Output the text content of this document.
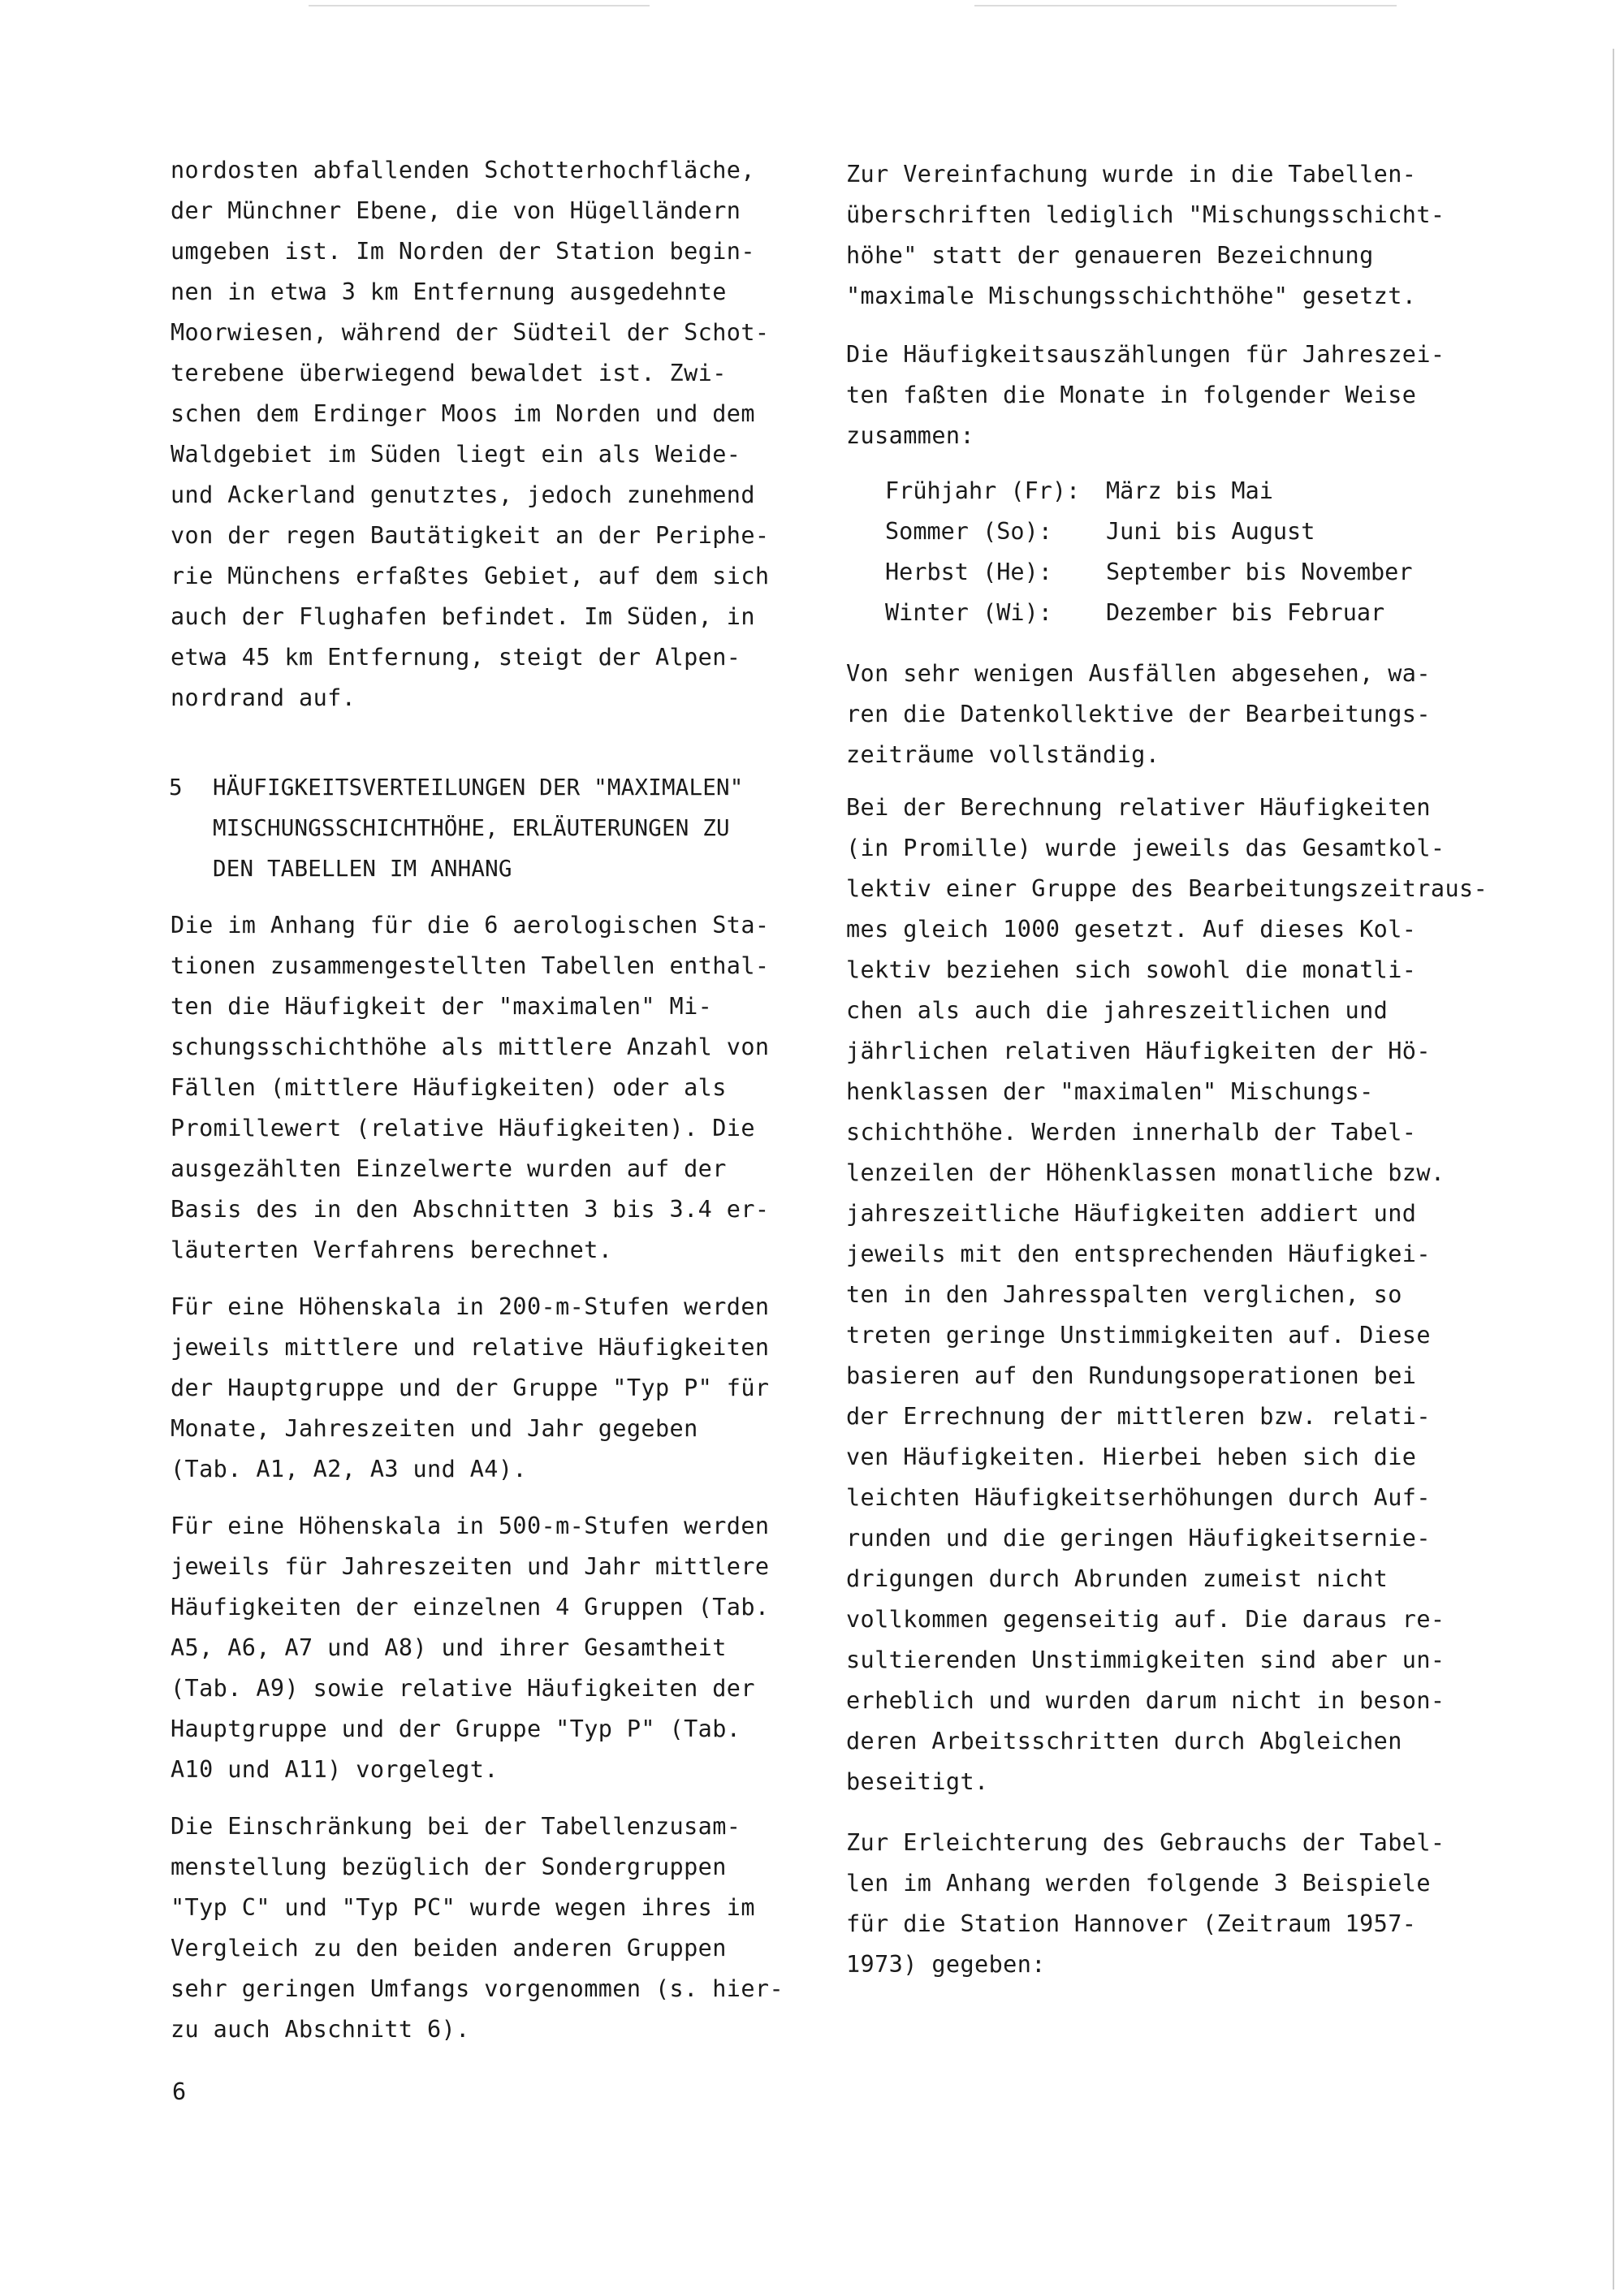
nordosten abfallenden Schotterhochfläche,
der Münchner Ebene, die von Hügelländern
umgeben ist. Im Norden der Station begin-
nen in etwa 3 km Entfernung ausgedehnte
Moorwiesen, während der Südteil der Schot-
terebene überwiegend bewaldet ist. Zwi-
schen dem Erdinger Moos im Norden und dem
Waldgebiet im Süden liegt ein als Weide-
und Ackerland genutztes, jedoch zunehmend
von der regen Bautätigkeit an der Periphe-
rie Münchens erfaßtes Gebiet, auf dem sich
auch der Flughafen befindet. Im Süden, in
etwa 45 km Entfernung, steigt der Alpen-
nordrand auf.
5 HÄUFIGKEITSVERTEILUNGEN DER "MAXIMALEN"
MISCHUNGSSCHICHTHÖHE, ERLÄUTERUNGEN ZU
DEN TABELLEN IM ANHANG
Die im Anhang für die 6 aerologischen Sta-
tionen zusammengestellten Tabellen enthal-
ten die Häufigkeit der "maximalen" Mi-
schungsschichthöhe als mittlere Anzahl von
Fällen (mittlere Häufigkeiten) oder als
Promillewert (relative Häufigkeiten). Die
ausgezählten Einzelwerte wurden auf der
Basis des in den Abschnitten 3 bis 3.4 er-
läuterten Verfahrens berechnet.
Für eine Höhenskala in 200-m-Stufen werden
jeweils mittlere und relative Häufigkeiten
der Hauptgruppe und der Gruppe "Typ P" für
Monate, Jahreszeiten und Jahr gegeben
(Tab. A1, A2, A3 und A4).
Für eine Höhenskala in 500-m-Stufen werden
jeweils für Jahreszeiten und Jahr mittlere
Häufigkeiten der einzelnen 4 Gruppen (Tab.
A5, A6, A7 und A8) und ihrer Gesamtheit
(Tab. A9) sowie relative Häufigkeiten der
Hauptgruppe und der Gruppe "Typ P" (Tab.
A10 und A11) vorgelegt.
Die Einschränkung bei der Tabellenzusam-
menstellung bezüglich der Sondergruppen
"Typ C" und "Typ PC" wurde wegen ihres im
Vergleich zu den beiden anderen Gruppen
sehr geringen Umfangs vorgenommen (s. hier-
zu auch Abschnitt 6).
Zur Vereinfachung wurde in die Tabellen-
überschriften lediglich "Mischungsschicht-
höhe" statt der genaueren Bezeichnung
"maximale Mischungsschichthöhe" gesetzt.
Die Häufigkeitsauszählungen für Jahreszei-
ten faßten die Monate in folgender Weise
zusammen:
Frühjahr (Fr): März bis Mai
Sommer (So): Juni bis August
Herbst (He): September bis November
Winter (Wi): Dezember bis Februar
Von sehr wenigen Ausfällen abgesehen, wa-
ren die Datenkollektive der Bearbeitungs-
zeiträume vollständig.
Bei der Berechnung relativer Häufigkeiten
(in Promille) wurde jeweils das Gesamtkol-
lektiv einer Gruppe des Bearbeitungszeitraus-
mes gleich 1000 gesetzt. Auf dieses Kol-
lektiv beziehen sich sowohl die monatli-
chen als auch die jahreszeitlichen und
jährlichen relativen Häufigkeiten der Hö-
henklassen der "maximalen" Mischungs-
schichthöhe. Werden innerhalb der Tabel-
lenzeilen der Höhenklassen monatliche bzw.
jahreszeitliche Häufigkeiten addiert und
jeweils mit den entsprechenden Häufigkei-
ten in den Jahresspalten verglichen, so
treten geringe Unstimmigkeiten auf. Diese
basieren auf den Rundungsoperationen bei
der Errechnung der mittleren bzw. relati-
ven Häufigkeiten. Hierbei heben sich die
leichten Häufigkeitserhöhungen durch Auf-
runden und die geringen Häufigkeitsernie-
drigungen durch Abrunden zumeist nicht
vollkommen gegenseitig auf. Die daraus re-
sultierenden Unstimmigkeiten sind aber un-
erheblich und wurden darum nicht in beson-
deren Arbeitsschritten durch Abgleichen
beseitigt.
Zur Erleichterung des Gebrauchs der Tabel-
len im Anhang werden folgende 3 Beispiele
für die Station Hannover (Zeitraum 1957-
1973) gegeben:
6
